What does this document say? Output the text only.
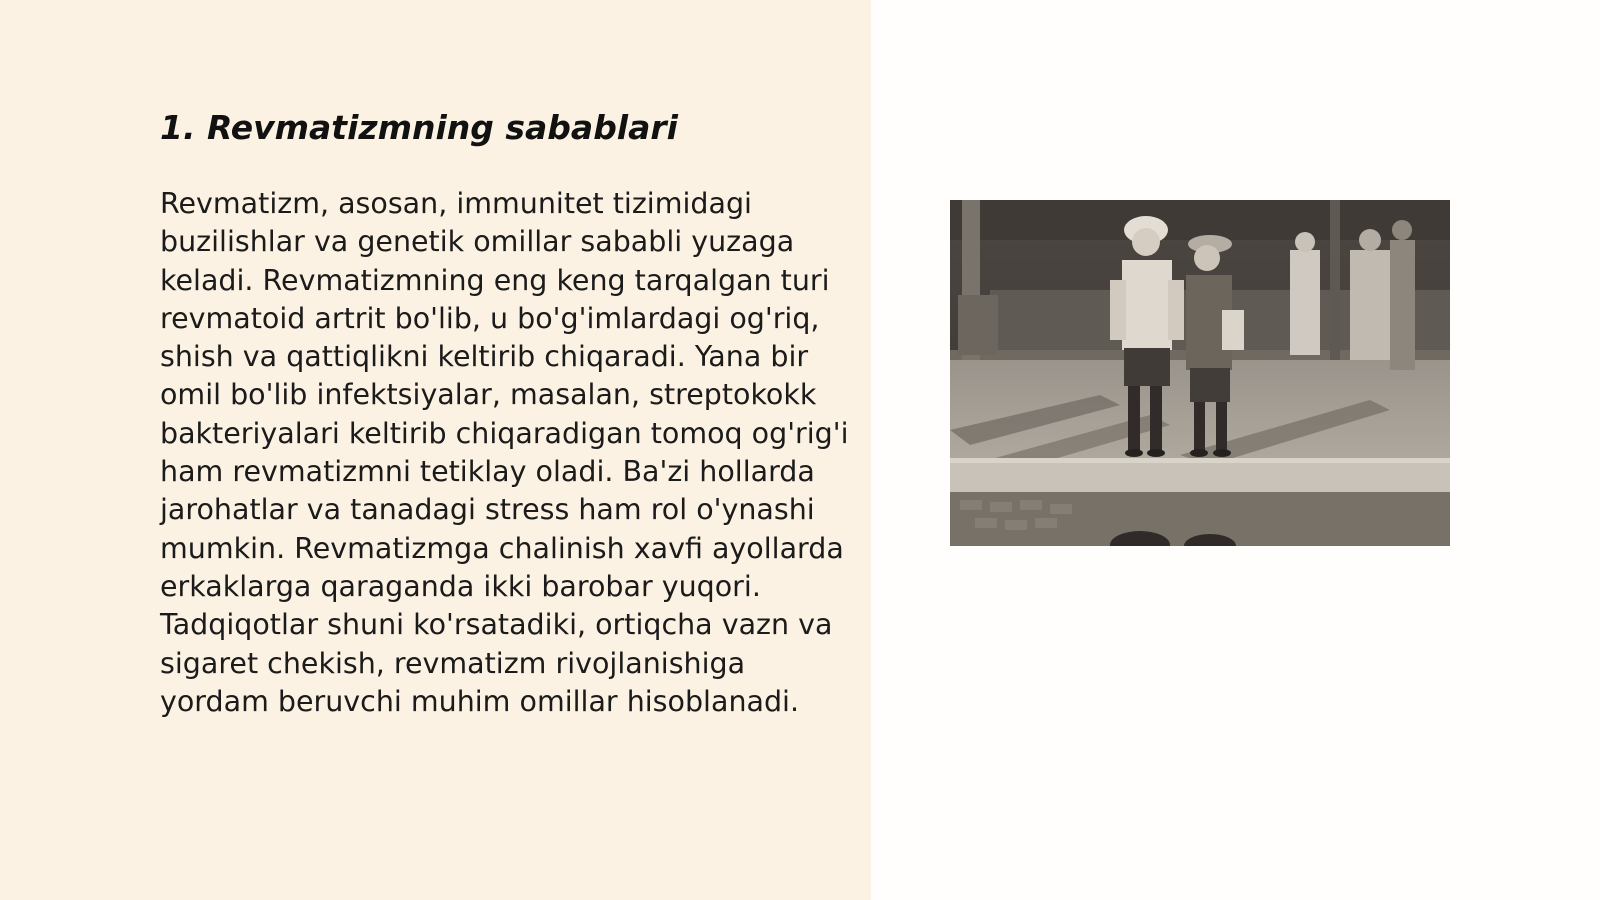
1. Revmatizmning sabablari

Revmatizm, asosan, immunitet tizimidagi buzilishlar va genetik omillar sababli yuzaga keladi. Revmatizmning eng keng tarqalgan turi revmatoid artrit bo'lib, u bo'g'imlardagi og'riq, shish va qattiqlikni keltirib chiqaradi. Yana bir omil bo'lib infektsiyalar, masalan, streptokokk bakteriyalari keltirib chiqaradigan tomoq og'rig'i ham revmatizmni tetiklay oladi. Ba'zi hollarda jarohatlar va tanadagi stress ham rol o'ynashi mumkin. Revmatizmga chalinish xavfi ayollarda erkaklarga qaraganda ikki barobar yuqori. Tadqiqotlar shuni ko'rsatadiki, ortiqcha vazn va sigaret chekish, revmatizm rivojlanishiga yordam beruvchi muhim omillar hisoblanadi.
